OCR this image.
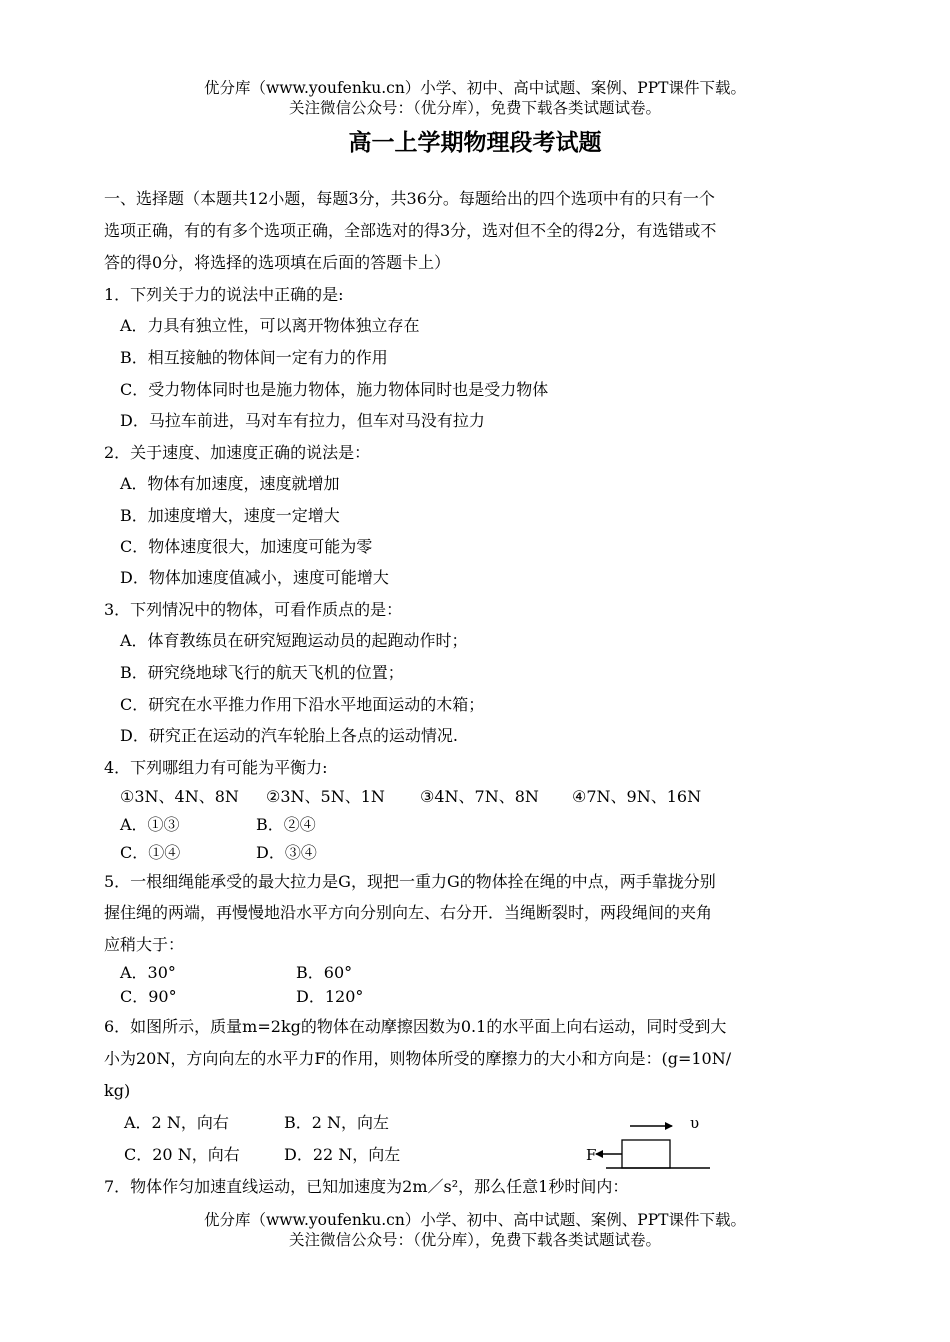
优分库（www.youfenku.cn）小学、初中、高中试题、案例、PPT课件下载。
关注微信公众号：（优分库），免费下载各类试题试卷。
高一上学期物理段考试题
一、选择题（本题共12小题，每题3分，共36分。每题给出的四个选项中有的只有一个
选项正确，有的有多个选项正确，全部选对的得3分，选对但不全的得2分，有选错或不
答的得0分，将选择的选项填在后面的答题卡上）
1．下列关于力的说法中正确的是:
A．力具有独立性，可以离开物体独立存在
B．相互接触的物体间一定有力的作用
C．受力物体同时也是施力物体，施力物体同时也是受力物体
D．马拉车前进，马对车有拉力，但车对马没有拉力
2．关于速度、加速度正确的说法是：
A．物体有加速度，速度就增加
B．加速度增大，速度一定增大
C．物体速度很大，加速度可能为零
D．物体加速度值减小，速度可能增大
3．下列情况中的物体，可看作质点的是：
A．体育教练员在研究短跑运动员的起跑动作时；
B．研究绕地球飞行的航天飞机的位置；
C．研究在水平推力作用下沿水平地面运动的木箱；
D．研究正在运动的汽车轮胎上各点的运动情况.
4．下列哪组力有可能为平衡力:
①3N、4N、8N ②3N、5N、1N ③4N、7N、8N ④7N、9N、16N
A．①③	B．②④
C．①④	D．③④
5．一根细绳能承受的最大拉力是G，现把一重力G的物体拴在绳的中点，两手靠拢分别
握住绳的两端，再慢慢地沿水平方向分别向左、右分开．当绳断裂时，两段绳间的夹角
应稍大于：
A．30°	B．60°
C．90°	D．120°
6．如图所示，质量m=2kg的物体在动摩擦因数为0.1的水平面上向右运动，同时受到大
小为20N，方向向左的水平力F的作用，则物体所受的摩擦力的大小和方向是：(g=10N/
kg)
A．2 N，向右	B．2 N，向左
C．20 N，向右	D．22 N，向左
υ
F
7．物体作匀加速直线运动，已知加速度为2m／s²，那么任意1秒时间内：
优分库（www.youfenku.cn）小学、初中、高中试题、案例、PPT课件下载。
关注微信公众号：（优分库），免费下载各类试题试卷。
